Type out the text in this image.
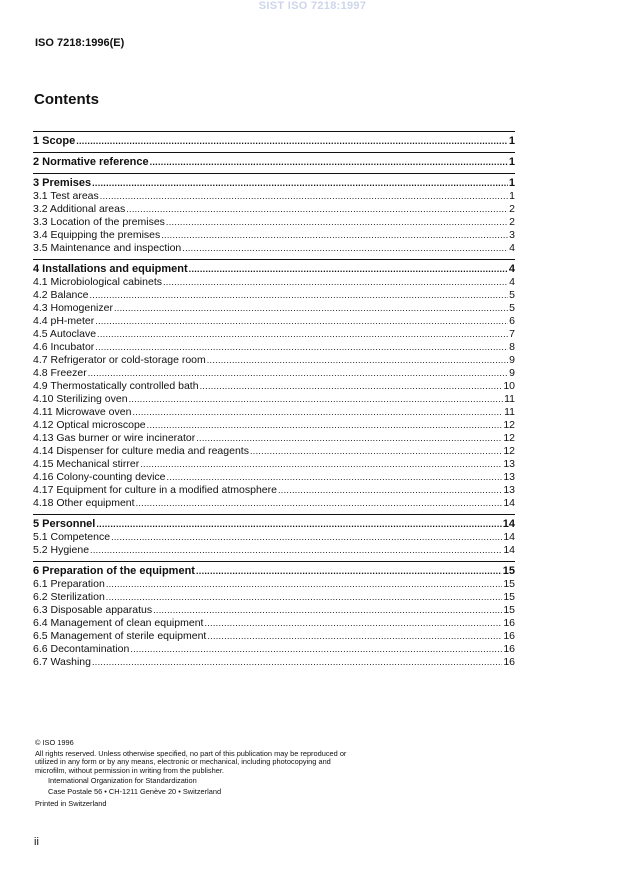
SIST ISO 7218:1997
ISO 7218:1996(E)
Contents
1 Scope .....	1
2 Normative reference .....	1
3 Premises .....	1
3.1 Test areas .....	1
3.2 Additional areas .....	2
3.3 Location of the premises .....	2
3.4 Equipping the premises .....	3
3.5 Maintenance and inspection .....	4
4 Installations and equipment .....	4
4.1 Microbiological cabinets .....	4
4.2 Balance .....	5
4.3 Homogenizer .....	5
4.4 pH-meter .....	6
4.5 Autoclave .....	7
4.6 Incubator .....	8
4.7 Refrigerator or cold-storage room .....	9
4.8 Freezer .....	9
4.9 Thermostatically controlled bath .....	10
4.10 Sterilizing oven .....	11
4.11 Microwave oven .....	11
4.12 Optical microscope .....	12
4.13 Gas burner or wire incinerator .....	12
4.14 Dispenser for culture media and reagents .....	12
4.15 Mechanical stirrer .....	13
4.16 Colony-counting device .....	13
4.17 Equipment for culture in a modified atmosphere .....	13
4.18 Other equipment .....	14
5 Personnel .....	14
5.1 Competence .....	14
5.2 Hygiene .....	14
6 Preparation of the equipment .....	15
6.1 Preparation .....	15
6.2 Sterilization .....	15
6.3 Disposable apparatus .....	15
6.4 Management of clean equipment .....	16
6.5 Management of sterile equipment .....	16
6.6 Decontamination .....	16
6.7 Washing .....	16

© ISO 1996

All rights reserved. Unless otherwise specified, no part of this publication may be reproduced or utilized in any form or by any means, electronic or mechanical, including photocopying and microfilm, without permission in writing from the publisher.

International Organization for Standardization

Case Postale 56 • CH-1211 Genève 20 • Switzerland

Printed in Switzerland

ii
